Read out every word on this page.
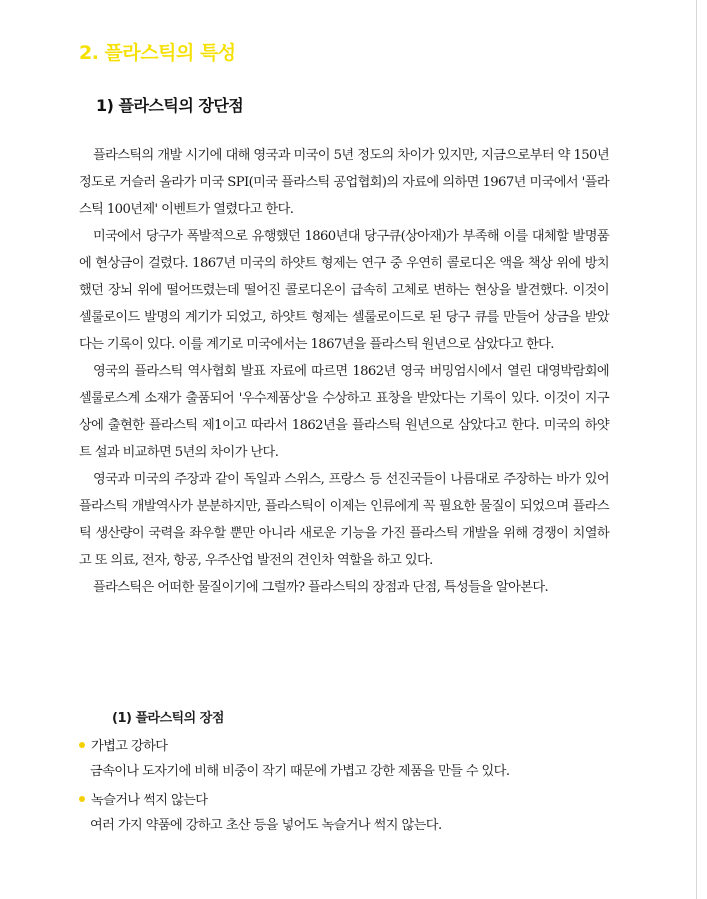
2. 플라스틱의 특성
1) 플라스틱의 장단점

플라스틱의 개발 시기에 대해 영국과 미국이 5년 정도의 차이가 있지만, 지금으로부터 약 150년 정도로 거슬러 올라가 미국 SPI(미국 플라스틱 공업협회)의 자료에 의하면 1967년 미국에서 '플라스틱 100년제' 이벤트가 열렸다고 한다.

미국에서 당구가 폭발적으로 유행했던 1860년대 당구큐(상아재)가 부족해 이를 대체할 발명품에 현상금이 걸렸다. 1867년 미국의 하얏트 형제는 연구 중 우연히 콜로디온 액을 책상 위에 방치했던 장뇌 위에 떨어뜨렸는데 떨어진 콜로디온이 급속히 고체로 변하는 현상을 발견했다. 이것이 셀룰로이드 발명의 계기가 되었고, 하얏트 형제는 셀룰로이드로 된 당구 큐를 만들어 상금을 받았다는 기록이 있다. 이를 계기로 미국에서는 1867년을 플라스틱 원년으로 삼았다고 한다.

영국의 플라스틱 역사협회 발표 자료에 따르면 1862년 영국 버밍엄시에서 열린 대영박람회에 셀룰로스계 소재가 출품되어 '우수제품상'을 수상하고 표창을 받았다는 기록이 있다. 이것이 지구상에 출현한 플라스틱 제1이고 따라서 1862년을 플라스틱 원년으로 삼았다고 한다. 미국의 하얏트 설과 비교하면 5년의 차이가 난다.

영국과 미국의 주장과 같이 독일과 스위스, 프랑스 등 선진국들이 나름대로 주장하는 바가 있어 플라스틱 개발역사가 분분하지만, 플라스틱이 이제는 인류에게 꼭 필요한 물질이 되었으며 플라스틱 생산량이 국력을 좌우할 뿐만 아니라 새로운 기능을 가진 플라스틱 개발을 위해 경쟁이 치열하고 또 의료, 전자, 항공, 우주산업 발전의 견인차 역할을 하고 있다.

플라스틱은 어떠한 물질이기에 그럴까? 플라스틱의 장점과 단점, 특성들을 알아본다.

(1) 플라스틱의 장점
가볍고 강하다
금속이나 도자기에 비해 비중이 작기 때문에 가볍고 강한 제품을 만들 수 있다.
녹슬거나 썩지 않는다
여러 가지 약품에 강하고 초산 등을 넣어도 녹슬거나 썩지 않는다.
